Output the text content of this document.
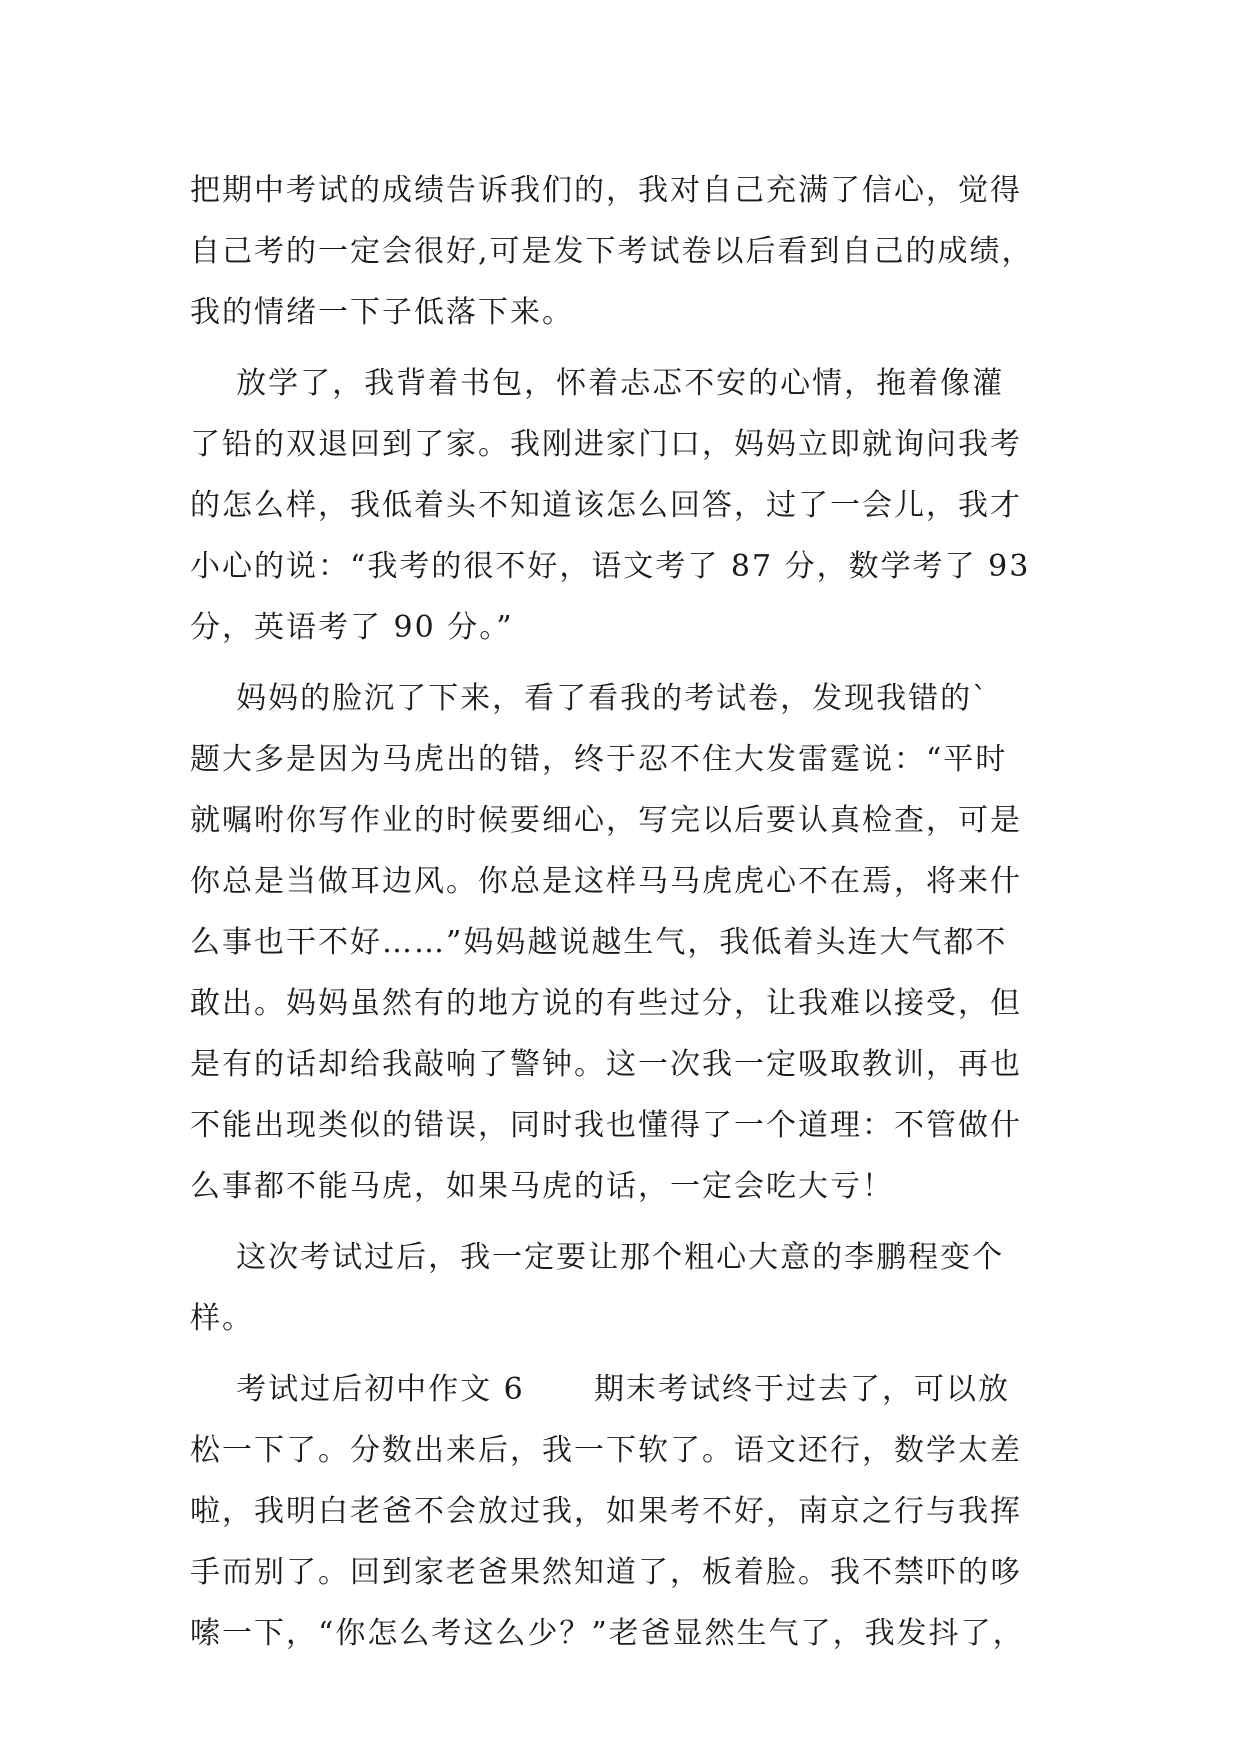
把期中考试的成绩告诉我们的，我对自己充满了信心，觉得
自己考的一定会很好,可是发下考试卷以后看到自己的成绩，
我的情绪一下子低落下来。
放学了，我背着书包，怀着忐忑不安的心情，拖着像灌
了铅的双退回到了家。我刚进家门口，妈妈立即就询问我考
的怎么样，我低着头不知道该怎么回答，过了一会儿，我才
小心的说：“我考的很不好，语文考了 87 分，数学考了 93
分，英语考了 90 分。”
妈妈的脸沉了下来，看了看我的考试卷，发现我错的`
题大多是因为马虎出的错，终于忍不住大发雷霆说：“平时
就嘱咐你写作业的时候要细心，写完以后要认真检查，可是
你总是当做耳边风。你总是这样马马虎虎心不在焉，将来什
么事也干不好……”妈妈越说越生气，我低着头连大气都不
敢出。妈妈虽然有的地方说的有些过分，让我难以接受，但
是有的话却给我敲响了警钟。这一次我一定吸取教训，再也
不能出现类似的错误，同时我也懂得了一个道理：不管做什
么事都不能马虎，如果马虎的话，一定会吃大亏！
这次考试过后，我一定要让那个粗心大意的李鹏程变个
样。
考试过后初中作文 6      期末考试终于过去了，可以放
松一下了。分数出来后，我一下软了。语文还行，数学太差
啦，我明白老爸不会放过我，如果考不好，南京之行与我挥
手而别了。回到家老爸果然知道了，板着脸。我不禁吓的哆
嗦一下，“你怎么考这么少？”老爸显然生气了，我发抖了，
